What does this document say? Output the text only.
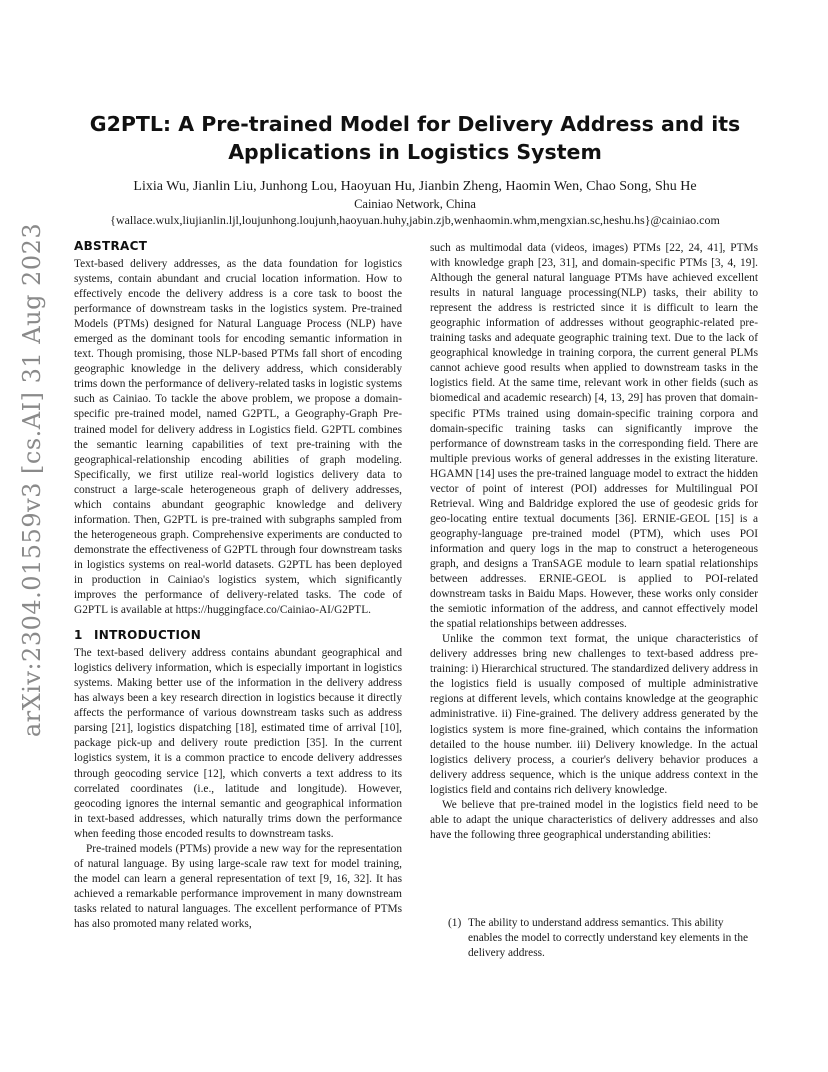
arXiv:2304.01559v3 [cs.AI] 31 Aug 2023
G2PTL: A Pre-trained Model for Delivery Address and its
Applications in Logistics System
Lixia Wu, Jianlin Liu, Junhong Lou, Haoyuan Hu, Jianbin Zheng, Haomin Wen, Chao Song, Shu He
Cainiao Network, China
{wallace.wulx,liujianlin.ljl,loujunhong.loujunh,haoyuan.huhy,jabin.zjb,wenhaomin.whm,mengxian.sc,heshu.hs}@cainiao.com
ABSTRACT

Text-based delivery addresses, as the data foundation for logistics systems, contain abundant and crucial location information. How to effectively encode the delivery address is a core task to boost the performance of downstream tasks in the logistics system. Pre-trained Models (PTMs) designed for Natural Language Process (NLP) have emerged as the dominant tools for encoding semantic information in text. Though promising, those NLP-based PTMs fall short of encoding geographic knowledge in the delivery address, which considerably trims down the performance of delivery-related tasks in logistic systems such as Cainiao. To tackle the above problem, we propose a domain-specific pre-trained model, named G2PTL, a Geography-Graph Pre-trained model for delivery address in Logistics field. G2PTL combines the semantic learning capabilities of text pre-training with the geographical-relationship encoding abilities of graph modeling. Specifically, we first utilize real-world logistics delivery data to construct a large-scale heterogeneous graph of delivery addresses, which contains abundant geographic knowledge and delivery information. Then, G2PTL is pre-trained with subgraphs sampled from the heterogeneous graph. Comprehensive experiments are conducted to demonstrate the effectiveness of G2PTL through four downstream tasks in logistics systems on real-world datasets. G2PTL has been deployed in production in Cainiao's logistics system, which significantly improves the performance of delivery-related tasks. The code of G2PTL is available at https://huggingface.co/Cainiao-AI/G2PTL.

1 INTRODUCTION

The text-based delivery address contains abundant geographical and logistics delivery information, which is especially important in logistics systems. Making better use of the information in the delivery address has always been a key research direction in logistics because it directly affects the performance of various downstream tasks such as address parsing [21], logistics dispatching [18], estimated time of arrival [10], package pick-up and delivery route prediction [35]. In the current logistics system, it is a common practice to encode delivery addresses through geocoding service [12], which converts a text address to its correlated coordinates (i.e., latitude and longitude). However, geocoding ignores the internal semantic and geographical information in text-based addresses, which naturally trims down the performance when feeding those encoded results to downstream tasks.

Pre-trained models (PTMs) provide a new way for the representation of natural language. By using large-scale raw text for model training, the model can learn a general representation of text [9, 16, 32]. It has achieved a remarkable performance improvement in many downstream tasks related to natural languages. The excellent performance of PTMs has also promoted many related works,

such as multimodal data (videos, images) PTMs [22, 24, 41], PTMs with knowledge graph [23, 31], and domain-specific PTMs [3, 4, 19]. Although the general natural language PTMs have achieved excellent results in natural language processing(NLP) tasks, their ability to represent the address is restricted since it is difficult to learn the geographic information of addresses without geographic-related pre-training tasks and adequate geographic training text. Due to the lack of geographical knowledge in training corpora, the current general PLMs cannot achieve good results when applied to downstream tasks in the logistics field. At the same time, relevant work in other fields (such as biomedical and academic research) [4, 13, 29] has proven that domain-specific PTMs trained using domain-specific training corpora and domain-specific training tasks can significantly improve the performance of downstream tasks in the corresponding field. There are multiple previous works of general addresses in the existing literature. HGAMN [14] uses the pre-trained language model to extract the hidden vector of point of interest (POI) addresses for Multilingual POI Retrieval. Wing and Baldridge explored the use of geodesic grids for geo-locating entire textual documents [36]. ERNIE-GEOL [15] is a geography-language pre-trained model (PTM), which uses POI information and query logs in the map to construct a heterogeneous graph, and designs a TranSAGE module to learn spatial relationships between addresses. ERNIE-GEOL is applied to POI-related downstream tasks in Baidu Maps. However, these works only consider the semiotic information of the address, and cannot effectively model the spatial relationships between addresses.

Unlike the common text format, the unique characteristics of delivery addresses bring new challenges to text-based address pre-training: i) Hierarchical structured. The standardized delivery address in the logistics field is usually composed of multiple administrative regions at different levels, which contains knowledge at the geographic administrative. ii) Fine-grained. The delivery address generated by the logistics system is more fine-grained, which contains the information detailed to the house number. iii) Delivery knowledge. In the actual logistics delivery process, a courier's delivery behavior produces a delivery address sequence, which is the unique address context in the logistics field and contains rich delivery knowledge.

We believe that pre-trained model in the logistics field need to be able to adapt the unique characteristics of delivery addresses and also have the following three geographical understanding abilities:

(1) The ability to understand address semantics. This ability enables the model to correctly understand key elements in the delivery address.
